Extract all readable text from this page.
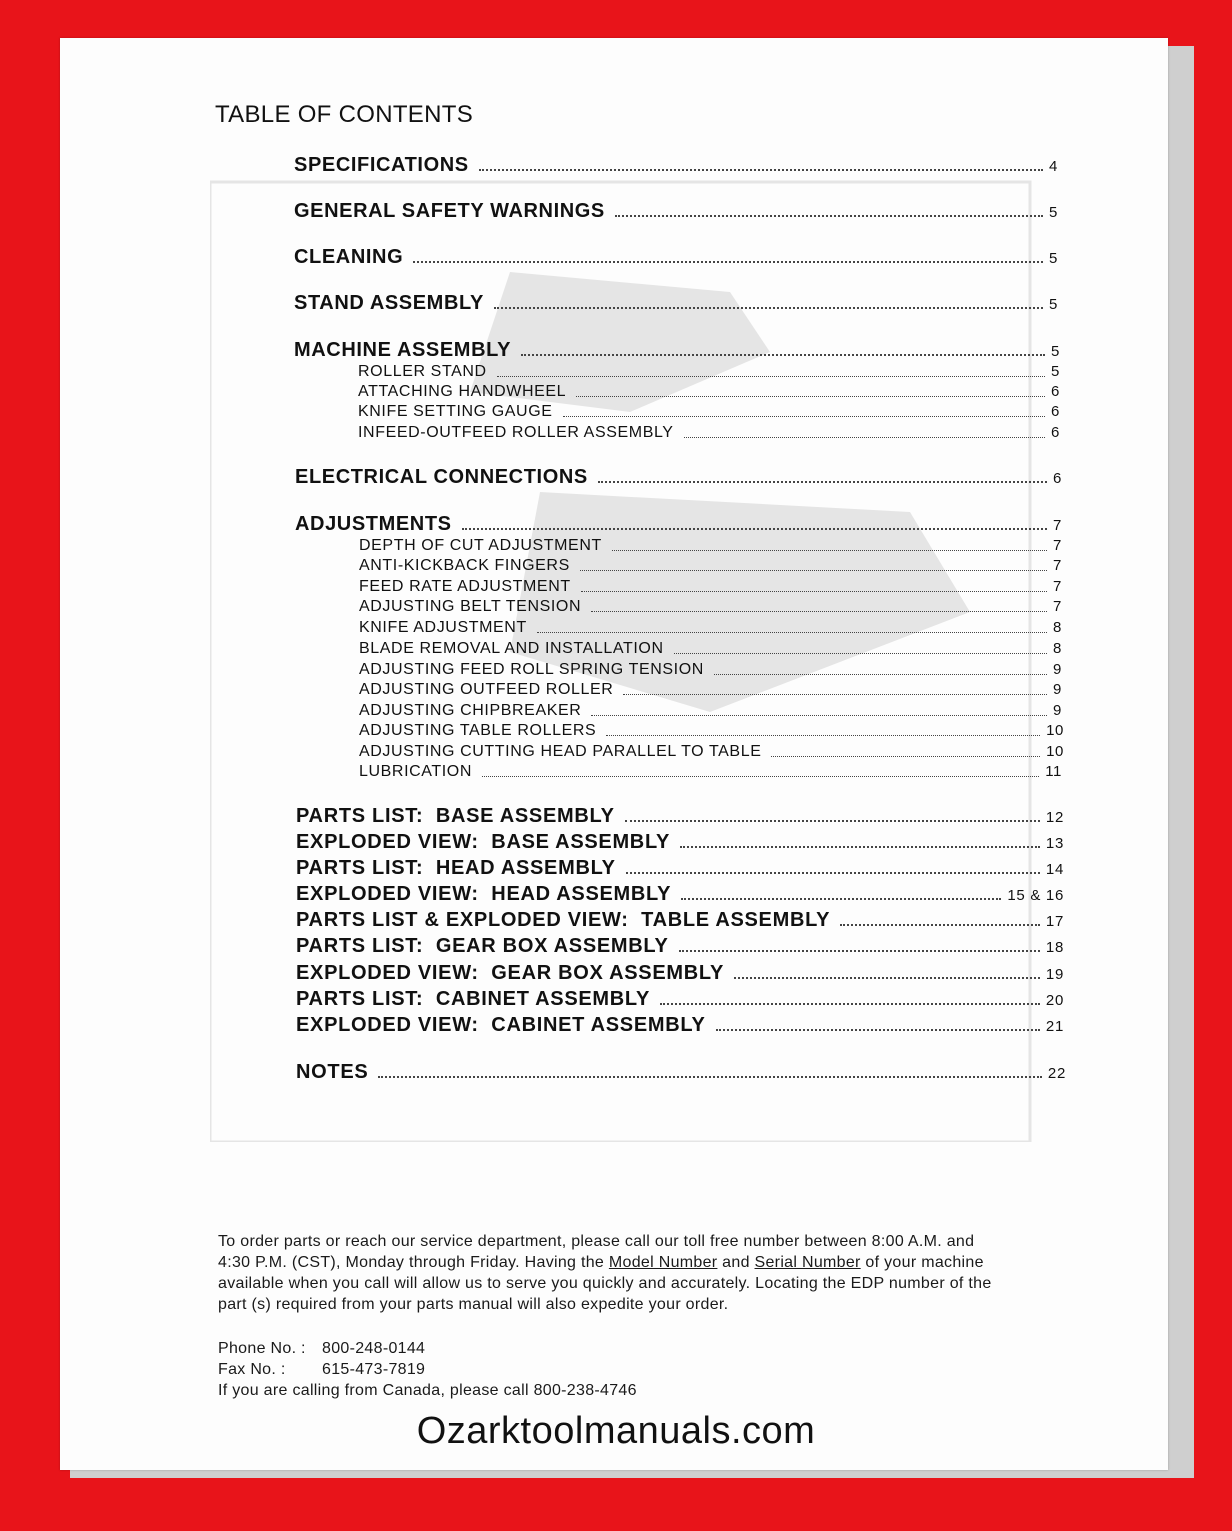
TABLE OF CONTENTS
SPECIFICATIONS	4
GENERAL SAFETY WARNINGS	5
CLEANING	5
STAND ASSEMBLY	5
MACHINE ASSEMBLY	5
ROLLER STAND	5
ATTACHING HANDWHEEL	6
KNIFE SETTING GAUGE	6
INFEED-OUTFEED ROLLER ASSEMBLY	6
ELECTRICAL CONNECTIONS	6
ADJUSTMENTS	7
DEPTH OF CUT ADJUSTMENT	7
ANTI-KICKBACK FINGERS	7
FEED RATE ADJUSTMENT	7
ADJUSTING BELT TENSION	7
KNIFE ADJUSTMENT	8
BLADE REMOVAL AND INSTALLATION	8
ADJUSTING FEED ROLL SPRING TENSION	9
ADJUSTING OUTFEED ROLLER	9
ADJUSTING CHIPBREAKER	9
ADJUSTING TABLE ROLLERS	10
ADJUSTING CUTTING HEAD PARALLEL TO TABLE	10
LUBRICATION	11
PARTS LIST:  BASE ASSEMBLY	12
EXPLODED VIEW:  BASE ASSEMBLY	13
PARTS LIST:  HEAD ASSEMBLY	14
EXPLODED VIEW:  HEAD ASSEMBLY	15 & 16
PARTS LIST & EXPLODED VIEW:  TABLE ASSEMBLY	17
PARTS LIST:  GEAR BOX ASSEMBLY	18
EXPLODED VIEW:  GEAR BOX ASSEMBLY	19
PARTS LIST:  CABINET ASSEMBLY	20
EXPLODED VIEW:  CABINET ASSEMBLY	21
NOTES	22
To order parts or reach our service department, please call our toll free number between 8:00 A.M. and
4:30 P.M. (CST), Monday through Friday. Having the Model Number and Serial Number of your machine
available when you call will allow us to serve you quickly and accurately. Locating the EDP number of the
part (s) required from your parts manual will also expedite your order.
Phone No. : 800-248-0144
Fax No. : 615-473-7819
If you are calling from Canada, please call 800-238-4746
Ozarktoolmanuals.com
